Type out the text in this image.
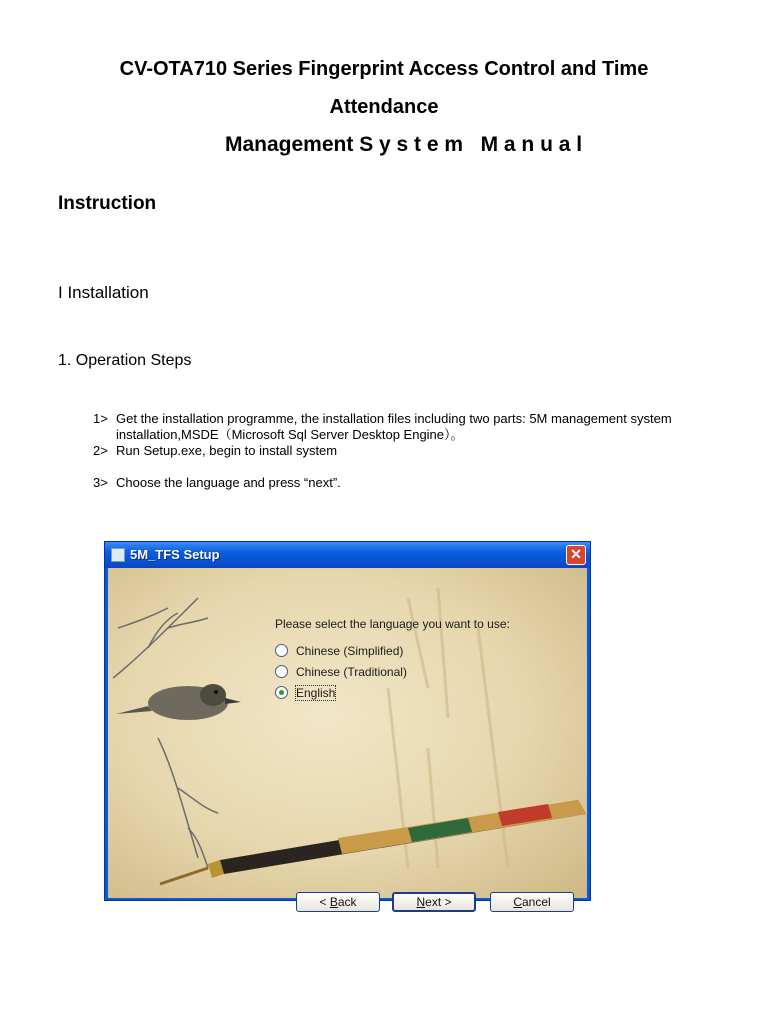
CV-OTA710 Series Fingerprint Access Control and Time
Attendance
Management S y s t e m   M a n u a l
Instruction
I Installation
1. Operation Steps
1> Get the installation programme, the installation files including two parts: 5M management system installation,MSDE（Microsoft Sql Server Desktop Engine）。
2> Run Setup.exe, begin to install system
3> Choose the language and press “next”.
5M_TFS Setup	✕
Please select the language you want to use:
Chinese (Simplified)
Chinese (Traditional)
English
< Back	Next >	Cancel
